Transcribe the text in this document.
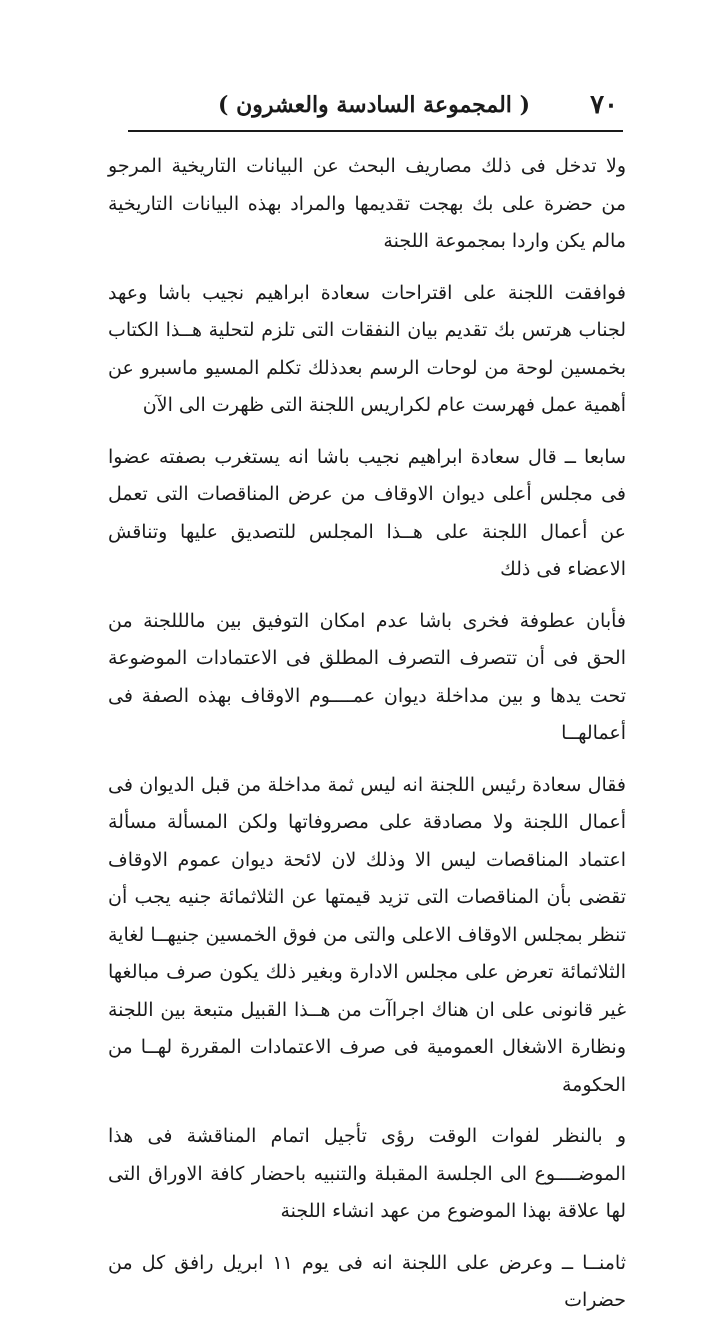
٧٠
( المجموعة السادسة والعشرون )

ولا تدخل فى ذلك مصاريف البحث عن البيانات التاريخية المرجو من حضرة على بك بهجت تقديمها والمراد بهذه البيانات التاريخية مالم يكن واردا بمجموعة اللجنة

فوافقت اللجنة على اقتراحات سعادة ابراهيم نجيب باشا وعهد لجناب هرتس بك تقديم بيان النفقات التى تلزم لتحلية هــذا الكتاب بخمسين لوحة من لوحات الرسم بعدذلك تكلم المسيو ماسبرو عن أهمية عمل فهرست عام لكراريس اللجنة التى ظهرت الى الآن

سابعا ــ قال سعادة ابراهيم نجيب باشا انه يستغرب بصفته عضوا فى مجلس أعلى ديوان الاوقاف من عرض المناقصات التى تعمل عن أعمال اللجنة على هــذا المجلس للتصديق عليها وتناقش الاعضاء فى ذلك

فأبان عطوفة فخرى باشا عدم امكان التوفيق بين مالللجنة من الحق فى أن تتصرف التصرف المطلق فى الاعتمادات الموضوعة تحت يدها و بين مداخلة ديوان عمــــوم الاوقاف بهذه الصفة فى أعمالهــا

فقال سعادة رئيس اللجنة انه ليس ثمة مداخلة من قبل الديوان فى أعمال اللجنة ولا مصادقة على مصروفاتها ولكن المسألة مسألة اعتماد المناقصات ليس الا وذلك لان لائحة ديوان عموم الاوقاف تقضى بأن المناقصات التى تزيد قيمتها عن الثلاثمائة جنيه يجب أن تنظر بمجلس الاوقاف الاعلى والتى من فوق الخمسين جنيهــا لغاية الثلاثمائة تعرض على مجلس الادارة وبغير ذلك يكون صرف مبالغها غير قانونى على ان هناك اجراآت من هــذا القبيل متبعة بين اللجنة ونظارة الاشغال العمومية فى صرف الاعتمادات المقررة لهــا من الحكومة

و بالنظر لفوات الوقت رؤى تأجيل اتمام المناقشة فى هذا الموضــــوع الى الجلسة المقبلة والتنبيه باحضار كافة الاوراق التى لها علاقة بهذا الموضوع من عهد انشاء اللجنة

ثامنــا ــ وعرض على اللجنة انه فى يوم ١١ ابريل رافق كل من حضرات
